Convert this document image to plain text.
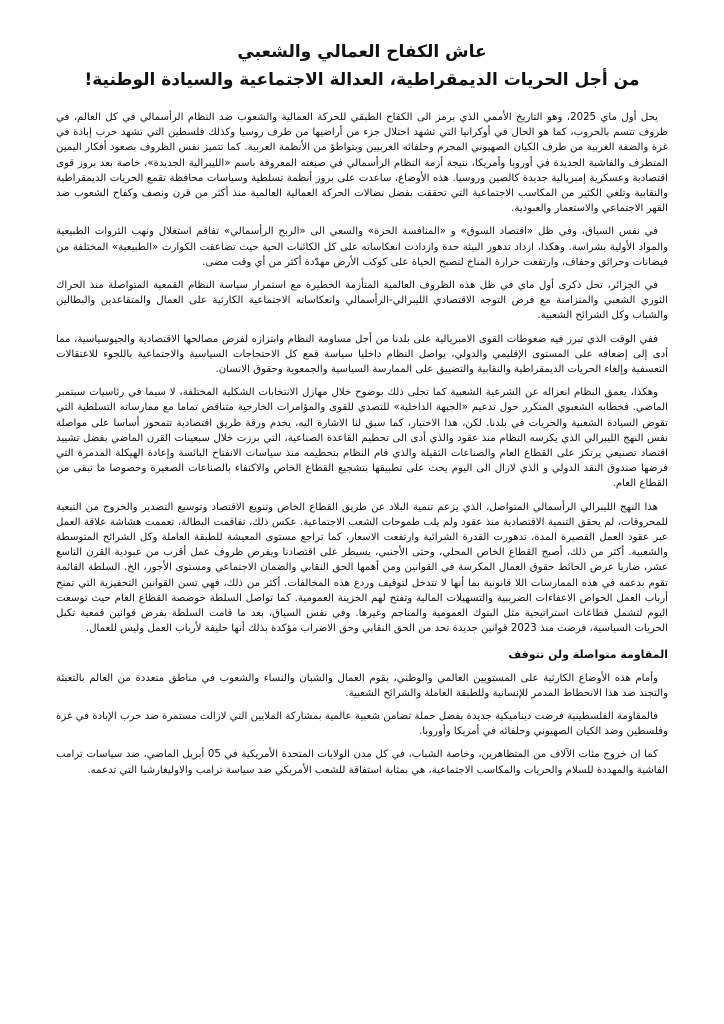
عاش الكفاح العمالي والشعبي
من أجل الحريات الديمقراطية، العدالة الاجتماعية والسيادة الوطنية!

يحل أول ماي 2025، وهو التاريخ الأممي الذي يرمز الى الكفاح الطبقي للحركة العمالية والشعوب ضد النظام الرأسمالي في كل العالم، في ظروف تتسم بالحروب، كما هو الحال في أوكرانيا التي تشهد احتلال جزء من أراضيها من طرف روسيا وكذلك فلسطين التي تشهد حرب إبادة في غزة والضفة الغربية من طرف الكيان الصهيوني المجرم وحلفائه الغربيين وبتواطؤ من الأنظمة العربية. كما تتميز نفس الظروف بصعود أفكار اليمين المتطرف والفاشية الجديدة في أوروبا وأمريكا، نتيجة أزمة النظام الرأسمالي في صيغته المعروفة باسم «الليبرالية الجديدة»، خاصة بعد بروز قوى اقتصادية وعسكرية إمبريالية جديدة كالصين وروسيا. هذه الأوضاع، ساعدت على بروز أنظمة تسلطية وسياسات محافظة تقمع الحريات الديمقراطية والنقابية وتلغي الكثير من المكاسب الاجتماعية التي تحققت بفضل نضالات الحركة العمالية العالمية منذ أكثر من قرن ونصف وكفاح الشعوب ضد القهر الاجتماعي والاستعمار والعبودية.

في نفس السياق، وفي ظل «اقتصاد السوق» و «المنافسة الحرة» والسعي الى «الربح الرأسمالي» تفاقم استغلال ونهب الثروات الطبيعية والمواد الأولية بشراسة. وهكذا، ازداد تدهور البيئة حدة وازدادت انعكاساته على كل الكائنات الحية حيث تضاعفت الكوارث «الطبيعية» المختلفة من فيضانات وحرائق وجفاف، وارتفعت حرارة المناخ لتصبح الحياة على كوكب الأرض مهدّدة أكثر من أي وقت مضى.

في الجزائر، تحل ذكرى أول ماي في ظل هذه الظروف العالمية المتأزمة الخطيرة مع استمرار سياسة النظام القمعية المتواصلة منذ الحراك الثوري الشعبي والمتزامنة مع فرض التوجه الاقتصادي الليبرالي-الرأسمالي وانعكاساته الاجتماعية الكارثية على العمال والمتقاعدين والبطالين والشباب وكل الشرائح الشعبية.

ففي الوقت الذي تبرز فيه ضغوطات القوى الامبريالية على بلدنا من أجل مساومة النظام وابتزازه لفرض مصالحها الاقتصادية والجيوسياسية، مما أدى إلى إضعافه على المستوى الإقليمي والدولي، يواصل النظام داخليا سياسة قمع كل الاحتجاجات السياسية والاجتماعية باللجوء للاعتقالات التعسفية وإلغاء الحريات الديمقراطية والنقابية والتضييق على الممارسة السياسية والجمعوية وحقوق الانسان.

وهكذا، يعمق النظام انعزاله عن الشرعية الشعبية كما تجلى ذلك بوضوح خلال مهازل الانتخابات الشكلية المختلفة، لا سيما في رئاسيات سبتمبر الماضي. فخطابه الشعبوي المتكرر حول تدعيم «الجبهة الداخلية» للتصدي للقوى والمؤامرات الخارجية متناقض تماما مع ممارساته التسلطية التي تقوض السيادة الشعبية والحريات في بلدنا. لكن، هذا الاختيار، كما سبق لنا الاشارة اليه، يخدم ورقة طريق اقتصادية تتمحور أساسا على مواصلة نفس النهج الليبرالي الذي يكرسه النظام منذ عقود والذي أدى الى تحطيم القاعدة الصناعية، التي برزت خلال سبعينات القرن الماضي بفضل تشييد اقتصاد تصنيعي يرتكز على القطاع العام والصناعات الثقيلة والذي قام النظام بتحطيمه منذ سياسات الانفتاح البائسة وإعادة الهيكلة المدمرة التي فرضها صندوق النقد الدولي و الذي لازال الى اليوم يحث على تطبيقها بتشجيع القطاع الخاص والاكتفاء بالصناعات الصغيرة وخصوصا ما تبقى من القطاع العام.

هذا النهج الليبرالي الرأسمالي المتواصل، الذي يزعم تنمية البلاد عن طريق القطاع الخاص وتنويع الاقتصاد وتوسيع التصدير والخروج من التبعية للمحروقات، لم يحقق التنمية الاقتصادية منذ عقود ولم يلب طموحات الشعب الاجتماعية. عكس ذلك، تفاقمت البطالة، تعممت هشاشة علاقة العمل عبر عقود العمل القصيرة المدة، تدهورت القدرة الشرائية وارتفعت الاسعار، كما تراجع مستوى المعيشة للطبقة العاملة وكل الشرائح المتوسطة والشعبية. أكثر من ذلك، أصبح القطاع الخاص المحلي، وحتى الأجنبي، يسيطر على اقتصادنا ويفرض ظروف عمل أقرب من عبودية القرن التاسع عشر، ضاربا عرض الحائط حقوق العمال المكرسة في القوانين ومن أهمها الحق النقابي والضمان الاجتماعي ومستوى الأجور، الخ. السلطة القائمة تقوم بدعمه في هذه الممارسات اللا قانونية بما أنها لا تتدخل لتوقيف وردع هذه المخالفات. أكثر من ذلك، فهي تسن القوانين التحفيزية التي تمنح أرباب العمل الخواص الاعفاءات الضريبية والتسهيلات المالية وتفتح لهم الخزينة العمومية. كما تواصل السلطة خوصصة القطاع العام حيث توسعت اليوم لتشمل قطاعات استراتيجية مثل البنوك العمومية والمناجم وغيرها. وفي نفس السياق، بعد ما قامت السلطة بفرض قوانين قمعية تكبل الحريات السياسية، فرضت منذ 2023 قوانين جديدة تحد من الحق النقابي وحق الاضراب مؤكدة بذلك أنها حليفة لأرباب العمل وليس للعمال.

المقاومة متواصلة ولن تتوقف

وأمام هذه الأوضاع الكارثية على المستويين العالمي والوطني، يقوم العمال والشبان والنساء والشعوب في مناطق متعددة من العالم بالتعبئة والتجند ضد هذا الانحطاط المدمر للإنسانية وللطبقة العاملة والشرائح الشعبية.

فالمقاومة الفلسطينية فرضت ديناميكية جديدة بفضل حملة تضامن شعبية عالمية بمشاركة الملايين التي لازالت مستمرة ضد حرب الإبادة في غزة وفلسطين وضد الكيان الصهيوني وحلفائه في أمريكا وأوروبا.

كما ان خروج مئات الآلاف من المتظاهرين، وخاصة الشباب، في كل مدن الولايات المتحدة الأمريكية في 05 أبريل الماضي، ضد سياسات ترامب الفاشية والمهددة للسلام والحريات والمكاسب الاجتماعية، هي بمثابة استفاقة للشعب الأمريكي ضد سياسة ترامب والاوليغارشيا التي تدعمه.
